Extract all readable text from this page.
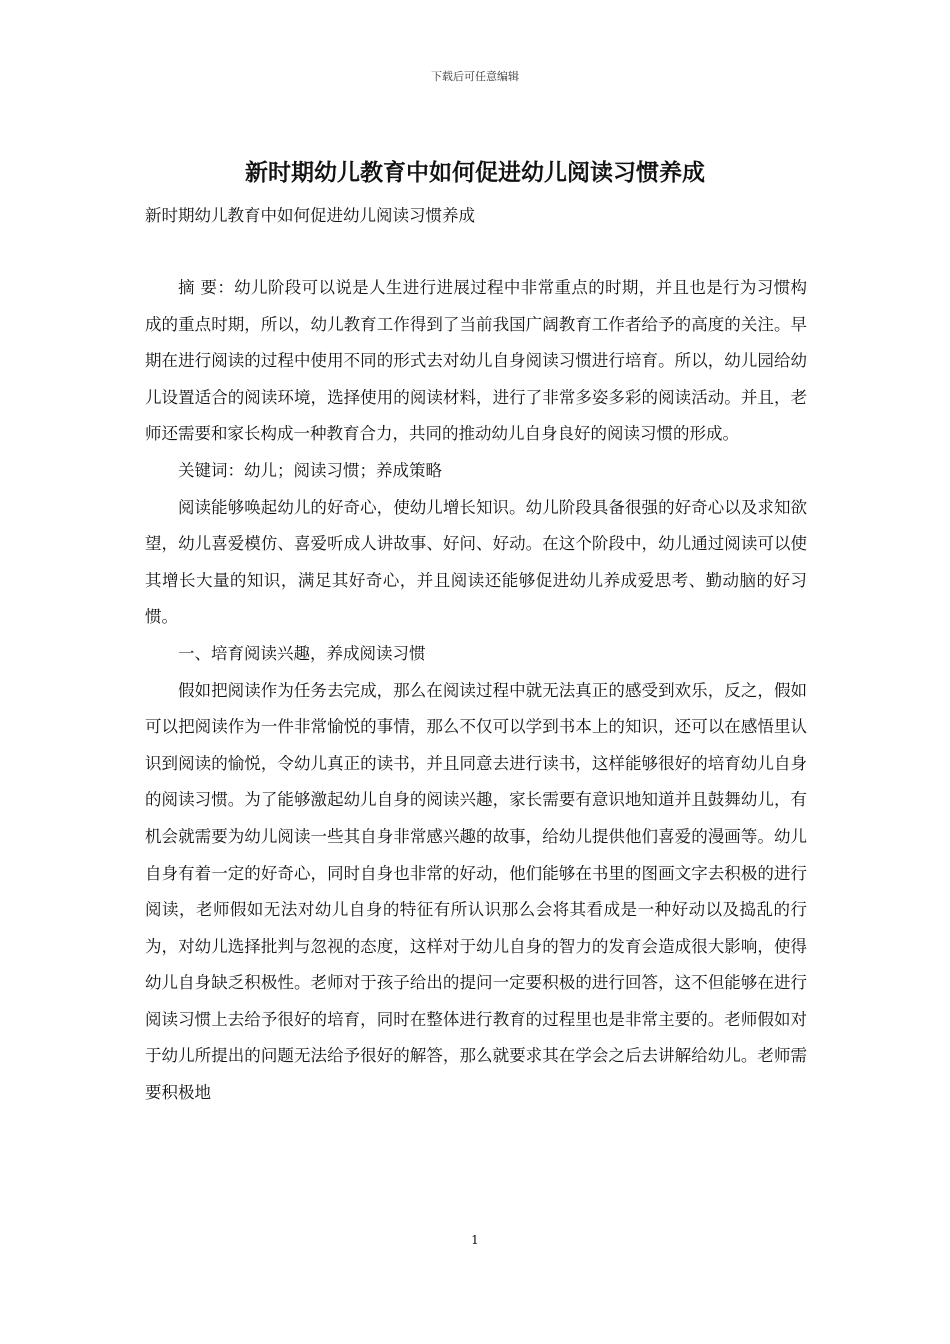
下载后可任意编辑
新时期幼儿教育中如何促进幼儿阅读习惯养成
新时期幼儿教育中如何促进幼儿阅读习惯养成

摘 要：幼儿阶段可以说是人生进行进展过程中非常重点的时期，并且也是行为习惯构成的重点时期，所以，幼儿教育工作得到了当前我国广阔教育工作者给予的高度的关注。早期在进行阅读的过程中使用不同的形式去对幼儿自身阅读习惯进行培育。所以，幼儿园给幼儿设置适合的阅读环境，选择使用的阅读材料，进行了非常多姿多彩的阅读活动。并且，老师还需要和家长构成一种教育合力，共同的推动幼儿自身良好的阅读习惯的形成。

关键词：幼儿；阅读习惯；养成策略

阅读能够唤起幼儿的好奇心，使幼儿增长知识。幼儿阶段具备很强的好奇心以及求知欲望，幼儿喜爱模仿、喜爱听成人讲故事、好问、好动。在这个阶段中，幼儿通过阅读可以使其增长大量的知识，满足其好奇心，并且阅读还能够促进幼儿养成爱思考、勤动脑的好习惯。

一、培育阅读兴趣，养成阅读习惯

假如把阅读作为任务去完成，那么在阅读过程中就无法真正的感受到欢乐，反之，假如可以把阅读作为一件非常愉悦的事情，那么不仅可以学到书本上的知识，还可以在感悟里认识到阅读的愉悦，令幼儿真正的读书，并且同意去进行读书，这样能够很好的培育幼儿自身的阅读习惯。为了能够激起幼儿自身的阅读兴趣，家长需要有意识地知道并且鼓舞幼儿，有机会就需要为幼儿阅读一些其自身非常感兴趣的故事，给幼儿提供他们喜爱的漫画等。幼儿自身有着一定的好奇心，同时自身也非常的好动，他们能够在书里的图画文字去积极的进行阅读，老师假如无法对幼儿自身的特征有所认识那么会将其看成是一种好动以及捣乱的行为，对幼儿选择批判与忽视的态度，这样对于幼儿自身的智力的发育会造成很大影响，使得幼儿自身缺乏积极性。老师对于孩子给出的提问一定要积极的进行回答，这不但能够在进行阅读习惯上去给予很好的培育，同时在整体进行教育的过程里也是非常主要的。老师假如对于幼儿所提出的问题无法给予很好的解答，那么就要求其在学会之后去讲解给幼儿。老师需要积极地

1
